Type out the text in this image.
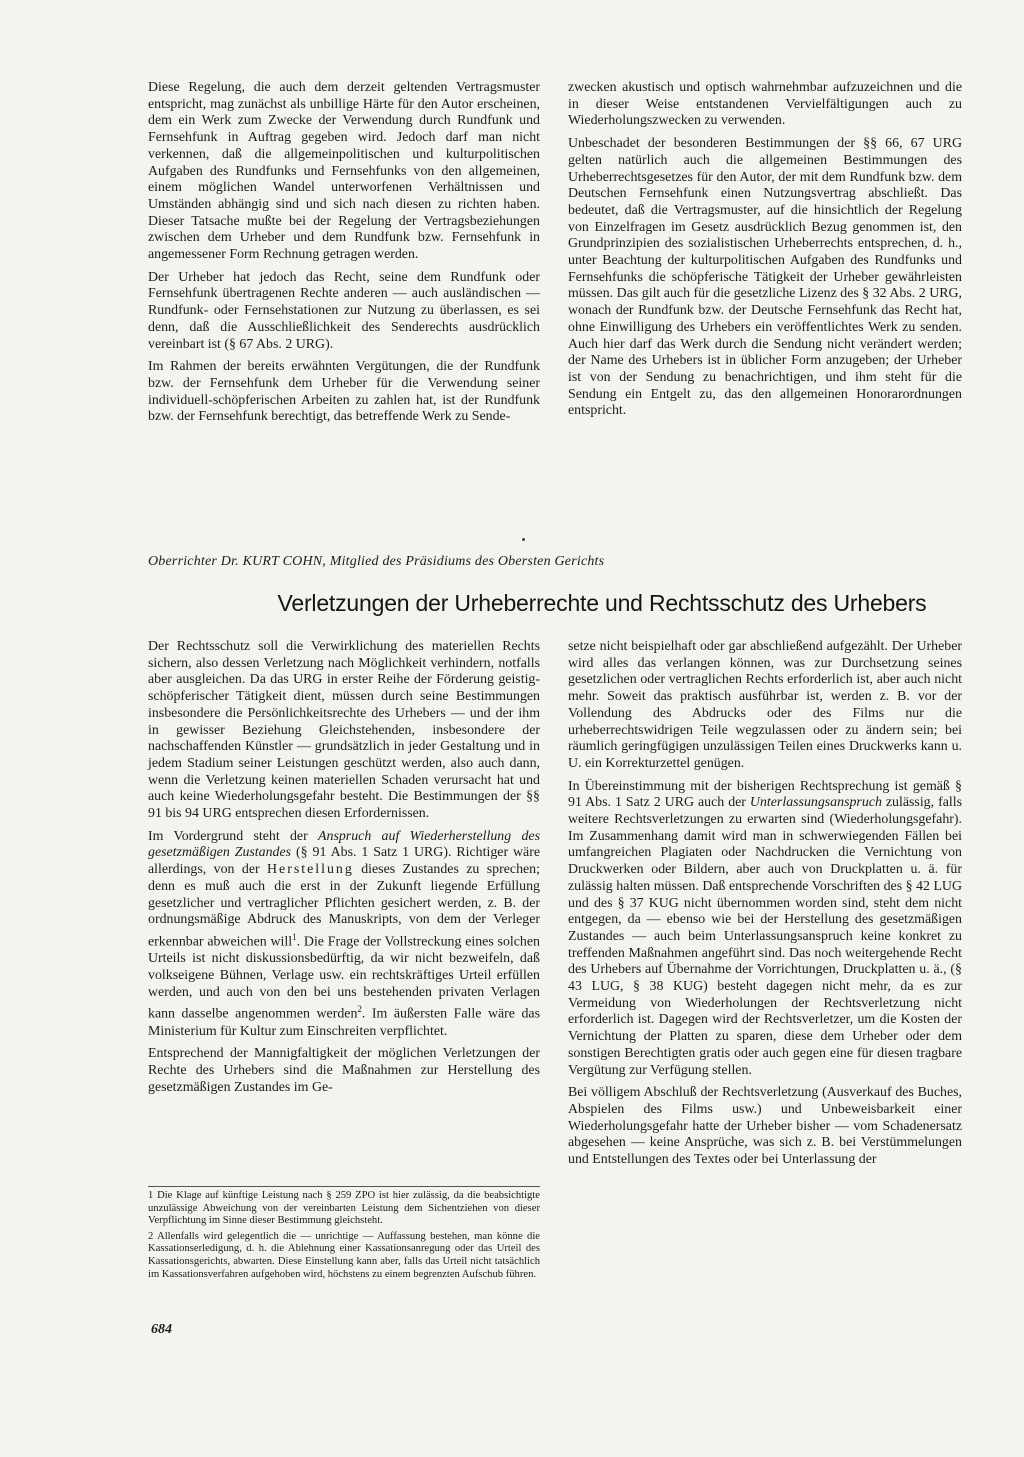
Diese Regelung, die auch dem derzeit geltenden Vertragsmuster entspricht, mag zunächst als unbillige Härte für den Autor erscheinen, dem ein Werk zum Zwecke der Verwendung durch Rundfunk und Fernsehfunk in Auftrag gegeben wird. Jedoch darf man nicht verkennen, daß die allgemeinpolitischen und kulturpolitischen Aufgaben des Rundfunks und Fernsehfunks von den allgemeinen, einem möglichen Wandel unterworfenen Verhältnissen und Umständen abhängig sind und sich nach diesen zu richten haben. Dieser Tatsache mußte bei der Regelung der Vertragsbeziehungen zwischen dem Urheber und dem Rundfunk bzw. Fernsehfunk in angemessener Form Rechnung getragen werden.

Der Urheber hat jedoch das Recht, seine dem Rundfunk oder Fernsehfunk übertragenen Rechte anderen — auch ausländischen — Rundfunk- oder Fernsehstationen zur Nutzung zu überlassen, es sei denn, daß die Ausschließlichkeit des Senderechts ausdrücklich vereinbart ist (§ 67 Abs. 2 URG).

Im Rahmen der bereits erwähnten Vergütungen, die der Rundfunk bzw. der Fernsehfunk dem Urheber für die Verwendung seiner individuell-schöpferischen Arbeiten zu zahlen hat, ist der Rundfunk bzw. der Fernsehfunk berechtigt, das betreffende Werk zu Sende-

zwecken akustisch und optisch wahrnehmbar aufzuzeichnen und die in dieser Weise entstandenen Vervielfältigungen auch zu Wiederholungszwecken zu verwenden.

Unbeschadet der besonderen Bestimmungen der §§ 66, 67 URG gelten natürlich auch die allgemeinen Bestimmungen des Urheberrechtsgesetzes für den Autor, der mit dem Rundfunk bzw. dem Deutschen Fernsehfunk einen Nutzungsvertrag abschließt. Das bedeutet, daß die Vertragsmuster, auf die hinsichtlich der Regelung von Einzelfragen im Gesetz ausdrücklich Bezug genommen ist, den Grundprinzipien des sozialistischen Urheberrechts entsprechen, d. h., unter Beachtung der kulturpolitischen Aufgaben des Rundfunks und Fernsehfunks die schöpferische Tätigkeit der Urheber gewährleisten müssen. Das gilt auch für die gesetzliche Lizenz des § 32 Abs. 2 URG, wonach der Rundfunk bzw. der Deutsche Fernsehfunk das Recht hat, ohne Einwilligung des Urhebers ein veröffentlichtes Werk zu senden. Auch hier darf das Werk durch die Sendung nicht verändert werden; der Name des Urhebers ist in üblicher Form anzugeben; der Urheber ist von der Sendung zu benachrichtigen, und ihm steht für die Sendung ein Entgelt zu, das den allgemeinen Honorarordnungen entspricht.

Oberrichter Dr. KURT COHN, Mitglied des Präsidiums des Obersten Gerichts
Verletzungen der Urheberrechte und Rechtsschutz des Urhebers

Der Rechtsschutz soll die Verwirklichung des materiellen Rechts sichern, also dessen Verletzung nach Möglichkeit verhindern, notfalls aber ausgleichen. Da das URG in erster Reihe der Förderung geistig-schöpferischer Tätigkeit dient, müssen durch seine Bestimmungen insbesondere die Persönlichkeitsrechte des Urhebers — und der ihm in gewisser Beziehung Gleichstehenden, insbesondere der nachschaffenden Künstler — grundsätzlich in jeder Gestaltung und in jedem Stadium seiner Leistungen geschützt werden, also auch dann, wenn die Verletzung keinen materiellen Schaden verursacht hat und auch keine Wiederholungsgefahr besteht. Die Bestimmungen der §§ 91 bis 94 URG entsprechen diesen Erfordernissen.

Im Vordergrund steht der Anspruch auf Wiederherstellung des gesetzmäßigen Zustandes (§ 91 Abs. 1 Satz 1 URG). Richtiger wäre allerdings, von der Herstellung dieses Zustandes zu sprechen; denn es muß auch die erst in der Zukunft liegende Erfüllung gesetzlicher und vertraglicher Pflichten gesichert werden, z. B. der ordnungsmäßige Abdruck des Manuskripts, von dem der Verleger erkennbar abweichen will$^1$. Die Frage der Vollstreckung eines solchen Urteils ist nicht diskussionsbedürftig, da wir nicht bezweifeln, daß volkseigene Bühnen, Verlage usw. ein rechtskräftiges Urteil erfüllen werden, und auch von den bei uns bestehenden privaten Verlagen kann dasselbe angenommen werden$^2$. Im äußersten Falle wäre das Ministerium für Kultur zum Einschreiten verpflichtet.

Entsprechend der Mannigfaltigkeit der möglichen Verletzungen der Rechte des Urhebers sind die Maßnahmen zur Herstellung des gesetzmäßigen Zustandes im Ge-

1 Die Klage auf künftige Leistung nach § 259 ZPO ist hier zulässig, da die beabsichtigte unzulässige Abweichung von der vereinbarten Leistung dem Sichentziehen von dieser Verpflichtung im Sinne dieser Bestimmung gleichsteht.

2 Allenfalls wird gelegentlich die — unrichtige — Auffassung bestehen, man könne die Kassationserledigung, d. h. die Ablehnung einer Kassationsanregung oder das Urteil des Kassationsgerichts, abwarten. Diese Einstellung kann aber, falls das Urteil nicht tatsächlich im Kassationsverfahren aufgehoben wird, höchstens zu einem begrenzten Aufschub führen.

setze nicht beispielhaft oder gar abschließend aufgezählt. Der Urheber wird alles das verlangen können, was zur Durchsetzung seines gesetzlichen oder vertraglichen Rechts erforderlich ist, aber auch nicht mehr. Soweit das praktisch ausführbar ist, werden z. B. vor der Vollendung des Abdrucks oder des Films nur die urheberrechtswidrigen Teile wegzulassen oder zu ändern sein; bei räumlich geringfügigen unzulässigen Teilen eines Druckwerks kann u. U. ein Korrekturzettel genügen.

In Übereinstimmung mit der bisherigen Rechtsprechung ist gemäß § 91 Abs. 1 Satz 2 URG auch der Unterlassungsanspruch zulässig, falls weitere Rechtsverletzungen zu erwarten sind (Wiederholungsgefahr). Im Zusammenhang damit wird man in schwerwiegenden Fällen bei umfangreichen Plagiaten oder Nachdrucken die Vernichtung von Druckwerken oder Bildern, aber auch von Druckplatten u. ä. für zulässig halten müssen. Daß entsprechende Vorschriften des § 42 LUG und des § 37 KUG nicht übernommen worden sind, steht dem nicht entgegen, da — ebenso wie bei der Herstellung des gesetzmäßigen Zustandes — auch beim Unterlassungsanspruch keine konkret zu treffenden Maßnahmen angeführt sind. Das noch weitergehende Recht des Urhebers auf Übernahme der Vorrichtungen, Druckplatten u. ä., (§ 43 LUG, § 38 KUG) besteht dagegen nicht mehr, da es zur Vermeidung von Wiederholungen der Rechtsverletzung nicht erforderlich ist. Dagegen wird der Rechtsverletzer, um die Kosten der Vernichtung der Platten zu sparen, diese dem Urheber oder dem sonstigen Berechtigten gratis oder auch gegen eine für diesen tragbare Vergütung zur Verfügung stellen.

Bei völligem Abschluß der Rechtsverletzung (Ausverkauf des Buches, Abspielen des Films usw.) und Unbeweisbarkeit einer Wiederholungsgefahr hatte der Urheber bisher — vom Schadenersatz abgesehen — keine Ansprüche, was sich z. B. bei Verstümmelungen und Entstellungen des Textes oder bei Unterlassung der

684
